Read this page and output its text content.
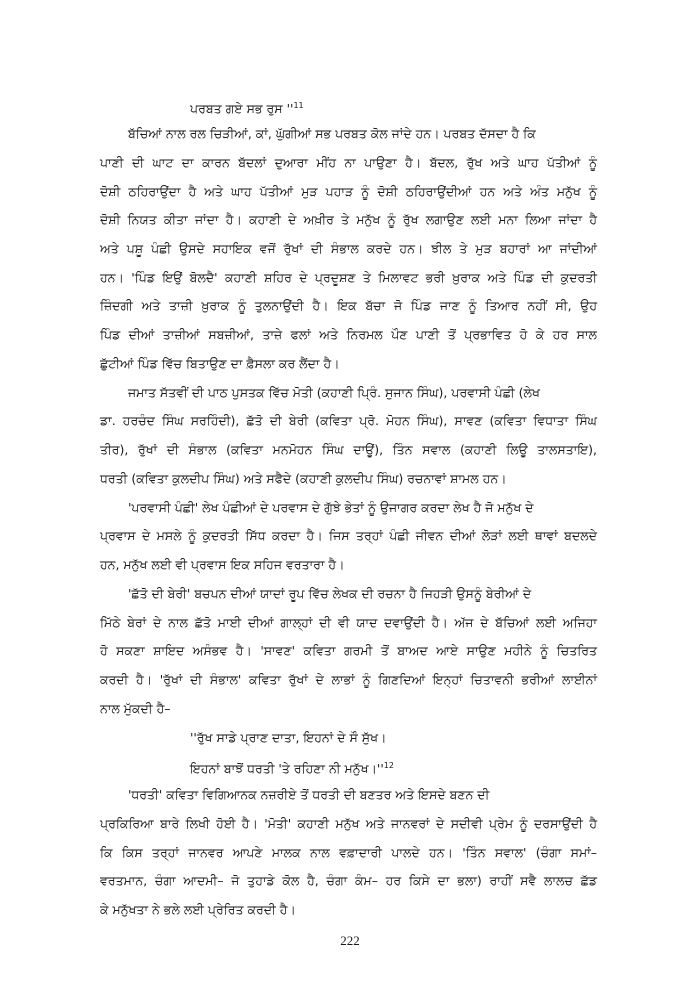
ਪਰਬਤ ਗਏ ਸਭ ਰੁਸ ''$^{11}$
ਬੱਚਿਆਂ ਨਾਲ ਰਲ ਚਿੜੀਆਂ, ਕਾਂ, ਘੁੱਗੀਆਂ ਸਭ ਪਰਬਤ ਕੋਲ ਜਾਂਦੇ ਹਨ। ਪਰਬਤ ਦੱਸਦਾ ਹੈ ਕਿ
ਪਾਣੀ ਦੀ ਘਾਟ ਦਾ ਕਾਰਨ ਬੱਦਲਾਂ ਦੁਆਰਾ ਮੀਂਹ ਨਾ ਪਾਉਣਾ ਹੈ। ਬੱਦਲ, ਰੁੱਖ ਅਤੇ ਘਾਹ ਪੱਤੀਆਂ ਨੂੰ
ਦੋਸ਼ੀ ਠਹਿਰਾਉਂਦਾ ਹੈ ਅਤੇ ਘਾਹ ਪੱਤੀਆਂ ਮੁੜ ਪਹਾੜ ਨੂੰ ਦੋਸ਼ੀ ਠਹਿਰਾਉਂਦੀਆਂ ਹਨ ਅਤੇ ਅੰਤ ਮਨੁੱਖ ਨੂੰ
ਦੋਸ਼ੀ ਨਿਯਤ ਕੀਤਾ ਜਾਂਦਾ ਹੈ। ਕਹਾਣੀ ਦੇ ਅਖ਼ੀਰ ਤੇ ਮਨੁੱਖ ਨੂੰ ਰੁੱਖ ਲਗਾਉਣ ਲਈ ਮਨਾ ਲਿਆ ਜਾਂਦਾ ਹੈ
ਅਤੇ ਪਸ਼ੂ ਪੰਛੀ ਉਸਦੇ ਸਹਾਇਕ ਵਜੋਂ ਰੁੱਖਾਂ ਦੀ ਸੰਭਾਲ ਕਰਦੇ ਹਨ। ਝੀਲ ਤੇ ਮੁੜ ਬਹਾਰਾਂ ਆ ਜਾਂਦੀਆਂ
ਹਨ। 'ਪਿੰਡ ਇਉਂ ਬੋਲਦੈ' ਕਹਾਣੀ ਸ਼ਹਿਰ ਦੇ ਪ੍ਰਦੂਸ਼ਣ ਤੇ ਮਿਲਾਵਟ ਭਰੀ ਖ਼ੁਰਾਕ ਅਤੇ ਪਿੰਡ ਦੀ ਕੁਦਰਤੀ
ਜ਼ਿੰਦਗੀ ਅਤੇ ਤਾਜ਼ੀ ਖ਼ੁਰਾਕ ਨੂੰ ਤੁਲਨਾਉਂਦੀ ਹੈ। ਇਕ ਬੱਚਾ ਜੋ ਪਿੰਡ ਜਾਣ ਨੂੰ ਤਿਆਰ ਨਹੀਂ ਸੀ, ਉਹ
ਪਿੰਡ ਦੀਆਂ ਤਾਜ਼ੀਆਂ ਸਬਜ਼ੀਆਂ, ਤਾਜ਼ੇ ਫਲਾਂ ਅਤੇ ਨਿਰਮਲ ਪੌਣ ਪਾਣੀ ਤੋਂ ਪ੍ਰਭਾਵਿਤ ਹੋ ਕੇ ਹਰ ਸਾਲ
ਛੁੱਟੀਆਂ ਪਿੰਡ ਵਿੱਚ ਬਿਤਾਉਣ ਦਾ ਫ਼ੈਸਲਾ ਕਰ ਲੈਂਦਾ ਹੈ।
ਜਮਾਤ ਸੱਤਵੀਂ ਦੀ ਪਾਠ ਪੁਸਤਕ ਵਿੱਚ ਮੋਤੀ (ਕਹਾਣੀ ਪ੍ਰਿੰ. ਸੁਜਾਨ ਸਿੰਘ), ਪਰਵਾਸੀ ਪੰਛੀ (ਲੇਖ
ਡਾ. ਹਰਚੰਦ ਸਿੰਘ ਸਰਹਿੰਦੀ), ਛੱਤੋ ਦੀ ਬੇਰੀ (ਕਵਿਤਾ ਪ੍ਰੋ. ਮੋਹਨ ਸਿੰਘ), ਸਾਵਣ (ਕਵਿਤਾ ਵਿਧਾਤਾ ਸਿੰਘ
ਤੀਰ), ਰੁੱਖਾਂ ਦੀ ਸੰਭਾਲ (ਕਵਿਤਾ ਮਨਮੋਹਨ ਸਿੰਘ ਦਾਊਂ), ਤਿੰਨ ਸਵਾਲ (ਕਹਾਣੀ ਲਿਊ ਤਾਲਸਤਾਇ),
ਧਰਤੀ (ਕਵਿਤਾ ਕੁਲਦੀਪ ਸਿੰਘ) ਅਤੇ ਸਫੈਦੇ (ਕਹਾਣੀ ਕੁਲਦੀਪ ਸਿੰਘ) ਰਚਨਾਵਾਂ ਸ਼ਾਮਲ ਹਨ।
'ਪਰਵਾਸੀ ਪੰਛੀ' ਲੇਖ ਪੰਛੀਆਂ ਦੇ ਪਰਵਾਸ ਦੇ ਗੁੱਝੇ ਭੇਤਾਂ ਨੂੰ ਉਜਾਗਰ ਕਰਦਾ ਲੇਖ ਹੈ ਜੋ ਮਨੁੱਖ ਦੇ
ਪ੍ਰਵਾਸ ਦੇ ਮਸਲੇ ਨੂੰ ਕੁਦਰਤੀ ਸਿੱਧ ਕਰਦਾ ਹੈ। ਜਿਸ ਤਰ੍ਹਾਂ ਪੰਛੀ ਜੀਵਨ ਦੀਆਂ ਲੋੜਾਂ ਲਈ ਥਾਵਾਂ ਬਦਲਦੇ
ਹਨ, ਮਨੁੱਖ ਲਈ ਵੀ ਪ੍ਰਵਾਸ ਇਕ ਸਹਿਜ ਵਰਤਾਰਾ ਹੈ।
'ਛੱਤੋ ਦੀ ਬੇਰੀ' ਬਚਪਨ ਦੀਆਂ ਯਾਦਾਂ ਰੂਪ ਵਿੱਚ ਲੇਖਕ ਦੀ ਰਚਨਾ ਹੈ ਜਿਹੜੀ ਉਸਨੂੰ ਬੇਰੀਆਂ ਦੇ
ਮਿੱਠੇ ਬੇਰਾਂ ਦੇ ਨਾਲ ਛੱਤੋ ਮਾਈ ਦੀਆਂ ਗਾਲ੍ਹਾਂ ਦੀ ਵੀ ਯਾਦ ਦਵਾਉਂਦੀ ਹੈ। ਅੱਜ ਦੇ ਬੱਚਿਆਂ ਲਈ ਅਜਿਹਾ
ਹੋ ਸਕਣਾ ਸ਼ਾਇਦ ਅਸੰਭਵ ਹੈ। 'ਸਾਵਣ' ਕਵਿਤਾ ਗਰਮੀ ਤੋਂ ਬਾਅਦ ਆਏ ਸਾਉਣ ਮਹੀਨੇ ਨੂੰ ਚਿਤਰਿਤ
ਕਰਦੀ ਹੈ। 'ਰੁੱਖਾਂ ਦੀ ਸੰਭਾਲ' ਕਵਿਤਾ ਰੁੱਖਾਂ ਦੇ ਲਾਭਾਂ ਨੂੰ ਗਿਣਦਿਆਂ ਇਨ੍ਹਾਂ ਚਿਤਾਵਨੀ ਭਰੀਆਂ ਲਾਈਨਾਂ
ਨਾਲ ਮੁੱਕਦੀ ਹੈ–
''ਰੁੱਖ ਸਾਡੇ ਪ੍ਰਾਣ ਦਾਤਾ, ਇਹਨਾਂ ਦੇ ਸੌ ਸੁੱਖ।
ਇਹਨਾਂ ਬਾਝੋਂ ਧਰਤੀ 'ਤੇ ਰਹਿਣਾ ਨੀ $ਮਨੁੱਖ।''^{12}$
'ਧਰਤੀ' ਕਵਿਤਾ ਵਿਗਿਆਨਕ ਨਜ਼ਰੀਏ ਤੋਂ ਧਰਤੀ ਦੀ ਬਣਤਰ ਅਤੇ ਇਸਦੇ ਬਣਨ ਦੀ
ਪ੍ਰਕਿਰਿਆ ਬਾਰੇ ਲਿਖੀ ਹੋਈ ਹੈ। 'ਮੋਤੀ' ਕਹਾਣੀ ਮਨੁੱਖ ਅਤੇ ਜਾਨਵਰਾਂ ਦੇ ਸਦੀਵੀ ਪ੍ਰੇਮ ਨੂੰ ਦਰਸਾਉਂਦੀ ਹੈ
ਕਿ ਕਿਸ ਤਰ੍ਹਾਂ ਜਾਨਵਰ ਆਪਣੇ ਮਾਲਕ ਨਾਲ ਵਫ਼ਾਦਾਰੀ ਪਾਲਦੇ ਹਨ। 'ਤਿੰਨ ਸਵਾਲ' (ਚੰਗਾ ਸਮਾਂ–
ਵਰਤਮਾਨ, ਚੰਗਾ ਆਦਮੀ– ਜੋ ਤੁਹਾਡੇ ਕੋਲ ਹੈ, ਚੰਗਾ ਕੰਮ– ਹਰ ਕਿਸੇ ਦਾ ਭਲਾ) ਰਾਹੀਂ ਸਵੈ ਲਾਲਚ ਛੱਡ
ਕੇ ਮਨੁੱਖਤਾ ਨੇ ਭਲੇ ਲਈ ਪ੍ਰੇਰਿਤ ਕਰਦੀ ਹੈ।
222
